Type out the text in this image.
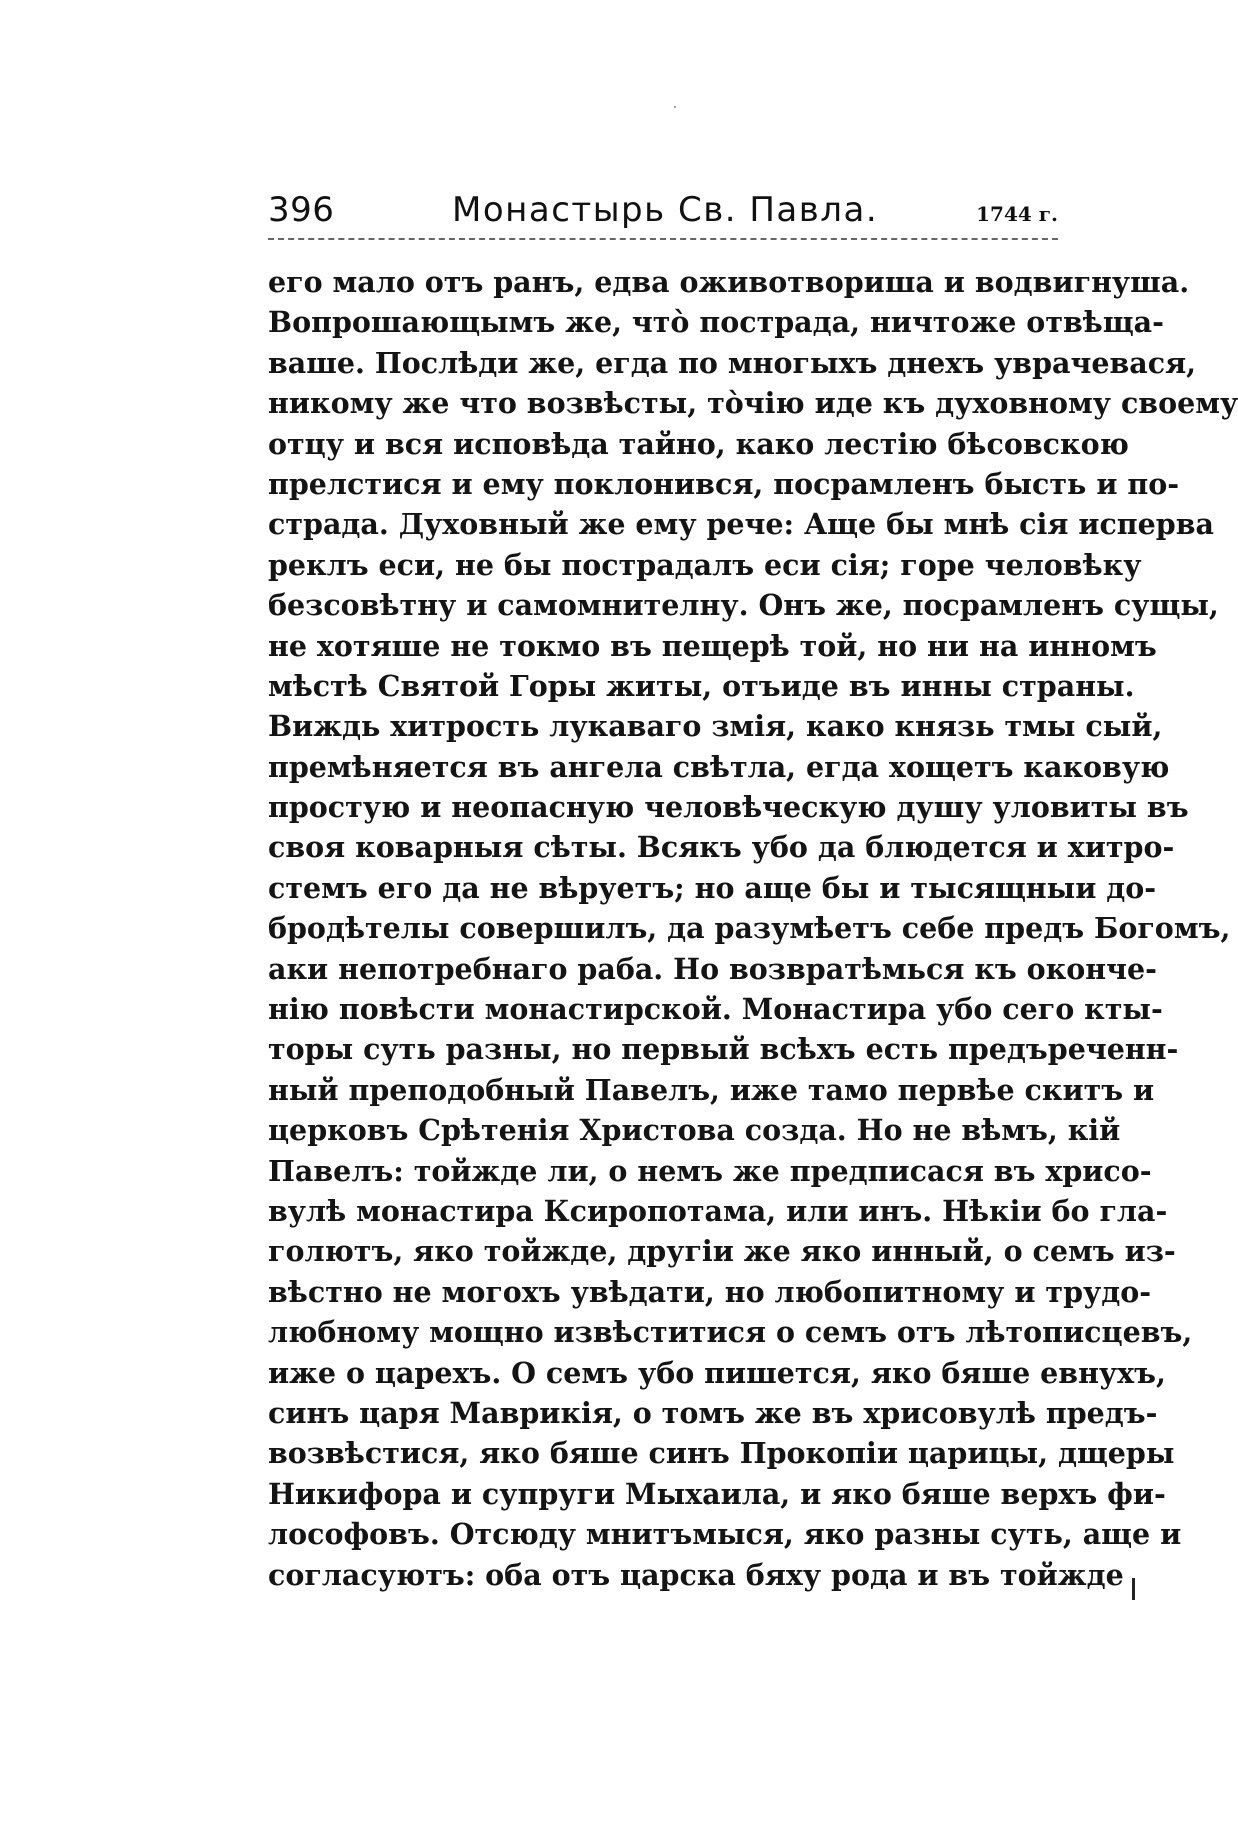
396	Монастырь Св. Павла.	1744 г.
его мало отъ ранъ, едва оживотвориша и водвигнуша.
Вопрошающымъ же, что̀ пострада, ничтоже отвѣща-
ваше. Послѣди же, егда по многыхъ днехъ уврачевася,
никому же что возвѣсты, то̀чію иде къ духовному своему
отцу и вся исповѣда тайно, како лестію бѣсовскою
прелстися и ему поклонився, посрамленъ бысть и по-
страда. Духовный же ему рече: Аще бы мнѣ сія исперва
реклъ еси, не бы пострадалъ еси сія; горе человѣку
безсовѣтну и самомнителну. Онъ же, посрамленъ сущы,
не хотяше не токмо въ пещерѣ той, но ни на инномъ
мѣстѣ Святой Горы житы, отъиде въ инны страны.
Виждь хитрость лукаваго змія, како князь тмы сый,
премѣняется въ ангела свѣтла, егда хощетъ каковую
простую и неопасную человѣческую душу уловиты въ
своя коварныя сѣты. Всякъ убо да блюдется и хитро-
стемъ его да не вѣруетъ; но аще бы и тысящныи до-
бродѣтелы совершилъ, да разумѣетъ себе предъ Богомъ,
аки непотребнаго раба. Но возвратѣмься къ оконче-
нію повѣсти монастирской. Монастира убо сего кты-
торы суть разны, но первый всѣхъ есть предъреченн-
ный преподобный Павелъ, иже тамо первѣе скитъ и
церковъ Срѣтенія Христова созда. Но не вѣмъ, кій
Павелъ: тойжде ли, о немъ же предписася въ хрисо-
вулѣ монастира Ксиропотама, или инъ. Нѣкіи бо гла-
голютъ, яко тойжде, другіи же яко инный, о семъ из-
вѣстно не могохъ увѣдати, но любопитному и трудо-
любному мощно извѣститися о семъ отъ лѣтописцевъ,
иже о царехъ. О семъ убо пишется, яко бяше евнухъ,
синъ царя Маврикія, о томъ же въ хрисовулѣ предъ-
возвѣстися, яко бяше синъ Прокопіи царицы, дщеры
Никифора и супруги Мыхаила, и яко бяше верхъ фи-
лософовъ. Отсюду мнитъмыся, яко разны суть, аще и
согласуютъ: оба отъ царска бяху рода и въ тойжде
